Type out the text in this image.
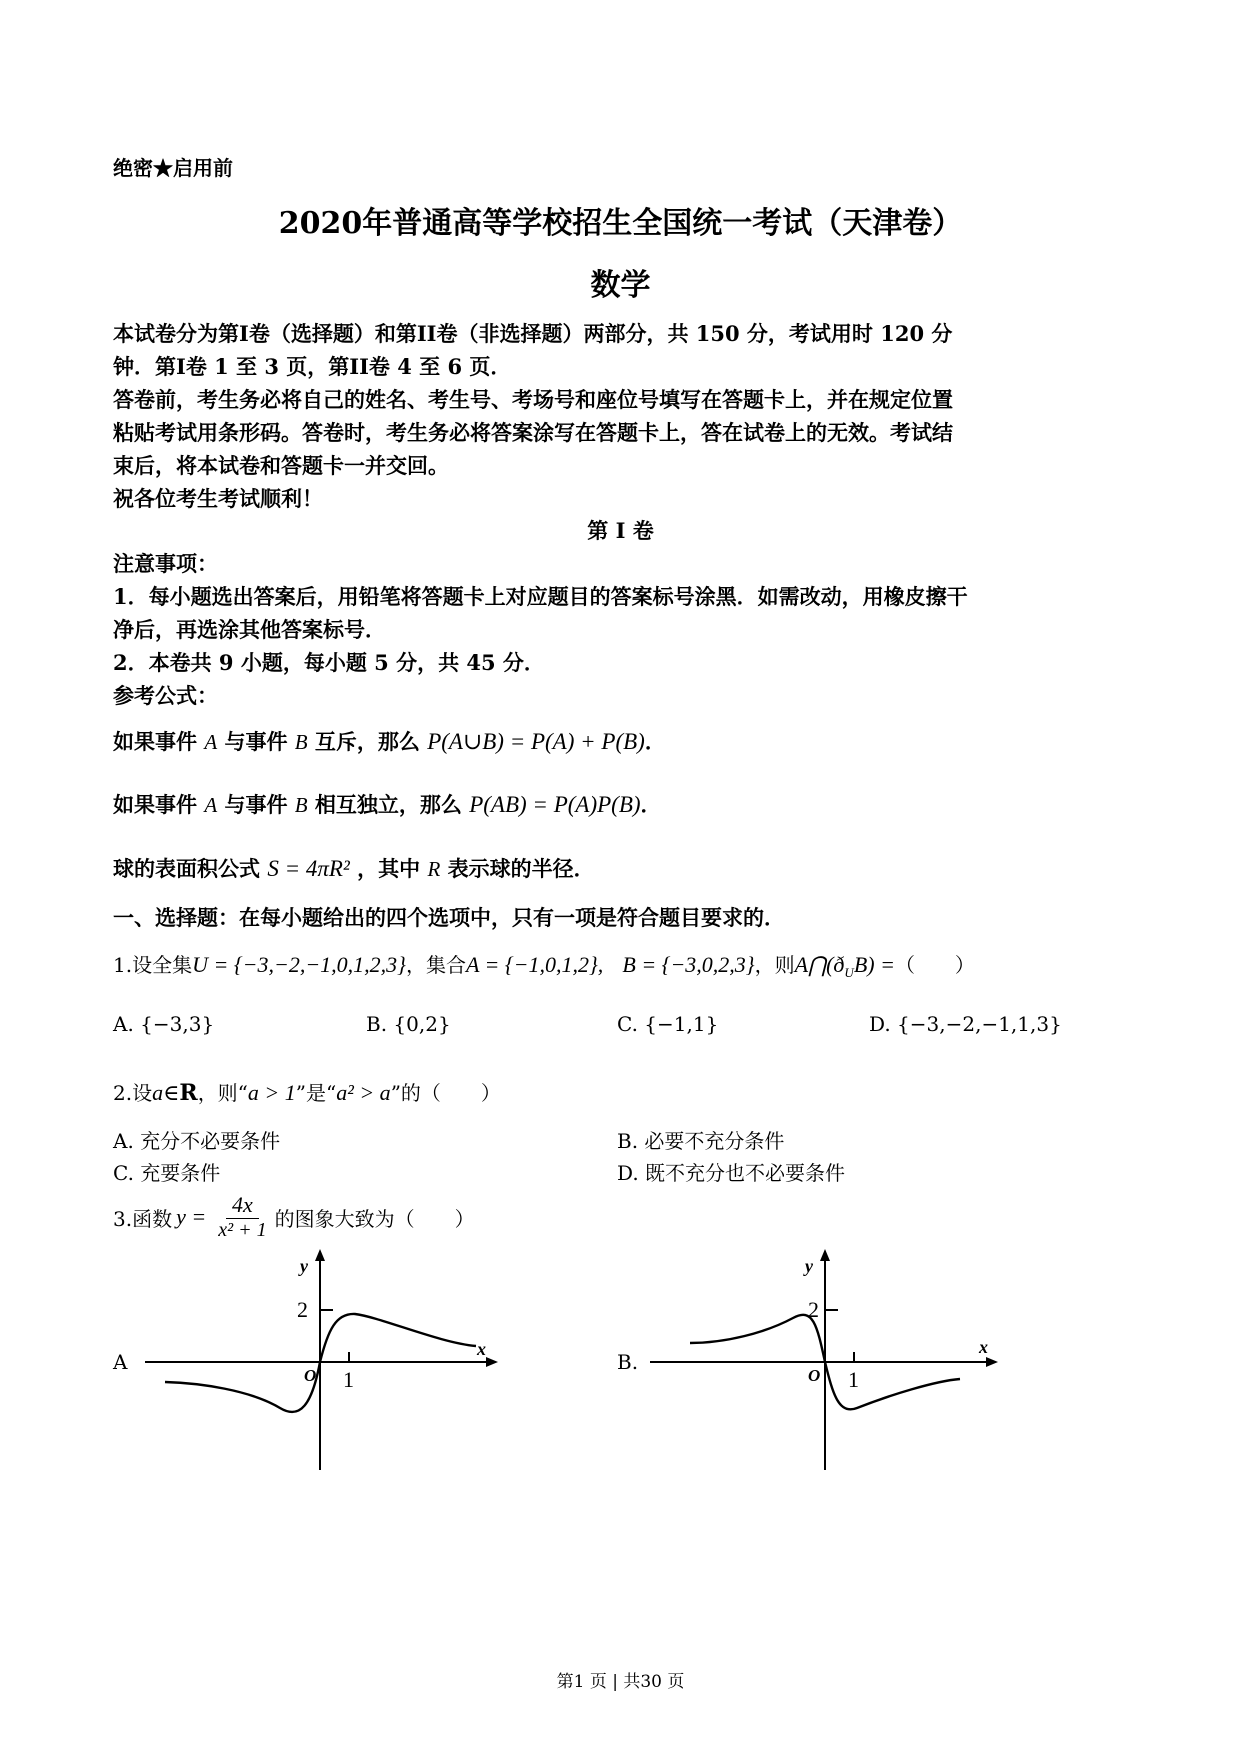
绝密★启用前
2020年普通高等学校招生全国统一考试（天津卷）
数学
本试卷分为第I卷（选择题）和第II卷（非选择题）两部分，共 150 分，考试用时 120 分
钟．第I卷 1 至 3 页，第II卷 4 至 6 页．
答卷前，考生务必将自己的姓名、考生号、考场号和座位号填写在答题卡上，并在规定位置
粘贴考试用条形码。答卷时，考生务必将答案涂写在答题卡上，答在试卷上的无效。考试结
束后，将本试卷和答题卡一并交回。
祝各位考生考试顺利！
第 I 卷
注意事项：
1．每小题选出答案后，用铅笔将答题卡上对应题目的答案标号涂黑．如需改动，用橡皮擦干
净后，再选涂其他答案标号．
2．本卷共 9 小题，每小题 5 分，共 45 分．
参考公式：
如果事件 A 与事件 B 互斥，那么 P(A∪B) = P(A) + P(B)．
如果事件 A 与事件 B 相互独立，那么 P(AB) = P(A)P(B)．
球的表面积公式 S = 4πR² ，其中 R 表示球的半径．
一、选择题：在每小题给出的四个选项中，只有一项是符合题目要求的．
1.设全集U = {−3,−2,−1,0,1,2,3}，集合A = {−1,0,1,2}, B = {−3,0,2,3}，则$A⋂(ð_UB)$ =（　　）
A. {−3,3}	B. {0,2}	C. {−1,1}	D. {−3,−2,−1,1,3}
2.设a∈R，则“a > 1”是“a² > a”的（　　）
A. 充分不必要条件	B. 必要不充分条件
C. 充要条件	D. 既不充分也不必要条件
3.函数 $y = \frac{4x}{\text{x² + 1}}$ 的图象大致为（　　）
A
y
x
2
1
O
B.
y
x
2
1
O
第1 页 | 共30 页
